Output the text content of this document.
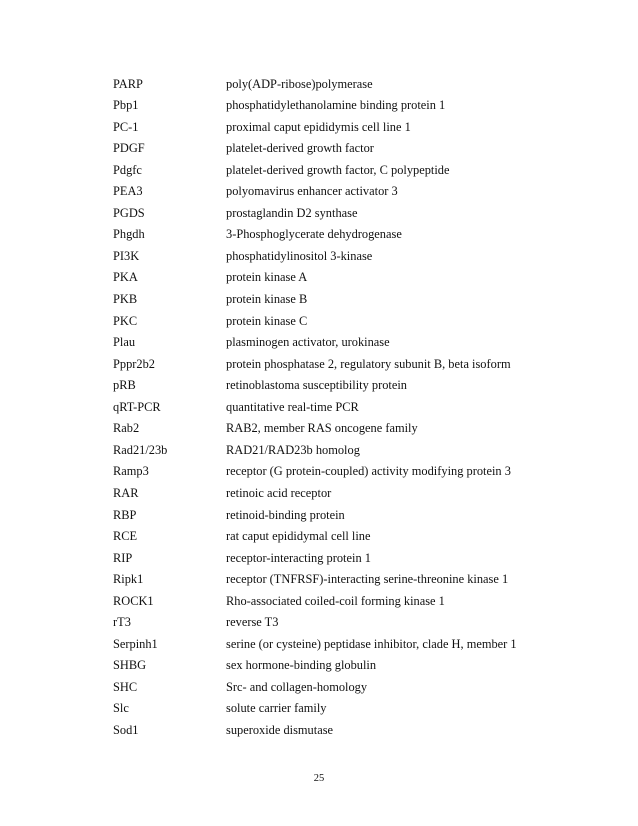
PARP	poly(ADP-ribose)polymerase
Pbp1	phosphatidylethanolamine binding protein 1
PC-1	proximal caput epididymis cell line 1
PDGF	platelet-derived growth factor
Pdgfc	platelet-derived growth factor, C polypeptide
PEA3	polyomavirus enhancer activator 3
PGDS	prostaglandin D2 synthase
Phgdh	3-Phosphoglycerate dehydrogenase
PI3K	phosphatidylinositol 3-kinase
PKA	protein kinase A
PKB	protein kinase B
PKC	protein kinase C
Plau	plasminogen activator, urokinase
Pppr2b2	protein phosphatase 2, regulatory subunit B, beta isoform
pRB	retinoblastoma susceptibility protein
qRT-PCR	quantitative real-time PCR
Rab2	RAB2, member RAS oncogene family
Rad21/23b	RAD21/RAD23b homolog
Ramp3	receptor (G protein-coupled) activity modifying protein 3
RAR	retinoic acid receptor
RBP	retinoid-binding protein
RCE	rat caput epididymal cell line
RIP	receptor-interacting protein 1
Ripk1	receptor (TNFRSF)-interacting serine-threonine kinase 1
ROCK1	Rho-associated coiled-coil forming kinase 1
rT3	reverse T3
Serpinh1	serine (or cysteine) peptidase inhibitor, clade H, member 1
SHBG	sex hormone-binding globulin
SHC	Src- and collagen-homology
Slc	solute carrier family
Sod1	superoxide dismutase
25
